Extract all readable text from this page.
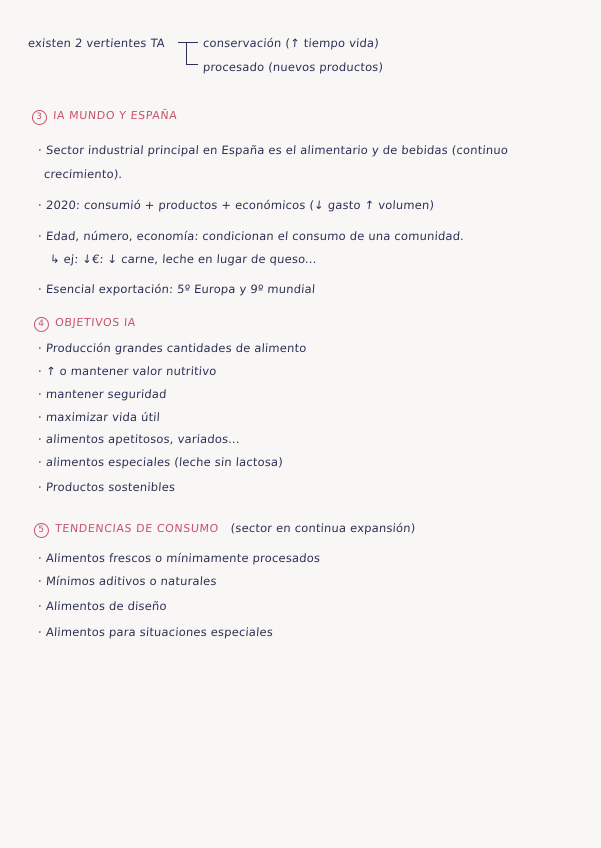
existen 2 vertientes TA	conservación (↑ tiempo vida)
procesado (nuevos productos)
3 IA MUNDO Y ESPAÑA
· Sector industrial principal en España es el alimentario y de bebidas (continuo
crecimiento).
· 2020: consumió + productos + económicos (↓ gasto ↑ volumen)
· Edad, número, economía: condicionan el consumo de una comunidad.
↳ ej: ↓€: ↓ carne, leche en lugar de queso...
· Esencial exportación: 5º Europa y 9º mundial
4 OBJETIVOS IA
· Producción grandes cantidades de alimento
· ↑ o mantener valor nutritivo
· mantener seguridad
· maximizar vida útil
· alimentos apetitosos, variados...
· alimentos especiales (leche sin lactosa)
· Productos sostenibles
5 TENDENCIAS DE CONSUMO (sector en continua expansión)
· Alimentos frescos o mínimamente procesados
· Mínimos aditivos o naturales
· Alimentos de diseño
· Alimentos para situaciones especiales
